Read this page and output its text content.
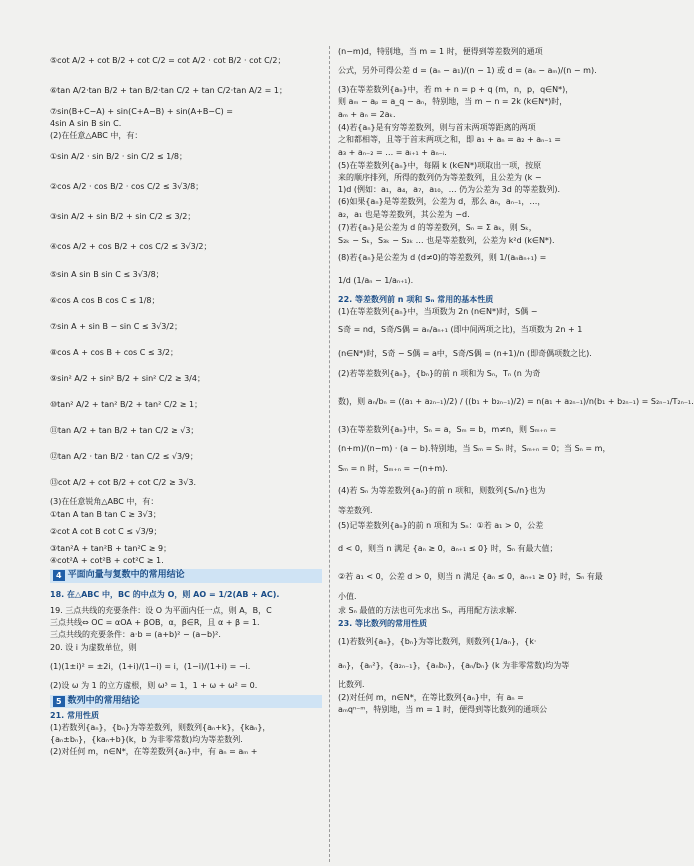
⑤cot A/2 + cot B/2 + cot C/2 = cot A/2 · cot B/2 · cot C/2；
⑥tan A/2·tan B/2 + tan B/2·tan C/2 + tan C/2·tan A/2 = 1；
⑦sin(B+C−A) + sin(C+A−B) + sin(A+B−C) =
4sin A sin B sin C.
(2)在任意△ABC 中，有：
①sin A/2 · sin B/2 · sin C/2 ≤ 1/8；
②cos A/2 · cos B/2 · cos C/2 ≤ 3√3/8；
③sin A/2 + sin B/2 + sin C/2 ≤ 3/2；
④cos A/2 + cos B/2 + cos C/2 ≤ 3√3/2；
⑤sin A sin B sin C ≤ 3√3/8；
⑥cos A cos B cos C ≤ 1/8；
⑦sin A + sin B − sin C ≤ 3√3/2；
⑧cos A + cos B + cos C ≤ 3/2；
⑨sin² A/2 + sin² B/2 + sin² C/2 ≥ 3/4；
⑩tan² A/2 + tan² B/2 + tan² C/2 ≥ 1；
⑪tan A/2 + tan B/2 + tan C/2 ≥ √3；
⑫tan A/2 · tan B/2 · tan C/2 ≤ √3/9；
⑬cot A/2 + cot B/2 + cot C/2 ≥ 3√3.
(3)在任意锐角△ABC 中，有：
①tan A tan B tan C ≥ 3√3；
②cot A cot B cot C ≤ √3/9；
③tan²A + tan²B + tan²C ≥ 9；
④cot²A + cot²B + cot²C ≥ 1.
4 平面向量与复数中的常用结论
18. 在△ABC 中，BC 的中点为 O，则 AO = 1/2(AB + AC).
19. 三点共线的充要条件：设 O 为平面内任一点，则 A，B，C
三点共线⇔ OC = αOA + βOB，α，β∈R，且 α + β = 1.
三点共线的充要条件：a·b = (a+b)² − (a−b)².
20. 设 i 为虚数单位，则
(1)(1±i)² = ±2i，(1+i)/(1−i) = i，(1−i)/(1+i) = −i.
(2)设 ω 为 1 的立方虚根，则 ω³ = 1，1 + ω + ω² = 0.
5 数列中的常用结论
21. 常用性质
(1)若数列{aₙ}，{bₙ}为等差数列，则数列{aₙ+k}，{kaₙ}，
{aₙ±bₙ}，{kaₙ+b}(k，b 为非零常数)均为等差数列.
(2)对任何 m，n∈N*，在等差数列{aₙ}中，有 aₙ = aₘ +
(n−m)d，特别地，当 m = 1 时，便得到等差数列的通项
公式，另外可得公差 d = (aₙ − a₁)/(n − 1) 或 d = (aₙ − aₘ)/(n − m).
(3)在等差数列{aₙ}中，若 m + n = p + q (m，n，p，q∈N*)，
则 aₘ − aₚ = a_q − aₙ，特别地，当 m − n = 2k (k∈N*)时，
aₘ + aₙ = 2aₖ.
(4)若{aₙ}是有穷等差数列，则与首末两项等距离的两项
之和都相等，且等于首末两项之和，即 a₁ + aₙ = a₂ + aₙ₋₁ =
a₃ + aₙ₋₂ = … = aᵢ₊₁ + aₙ₋ᵢ.
(5)在等差数列{aₙ}中，每隔 k (k∈N*)项取出一项，按原
来的顺序排列，所得的数列仍为等差数列，且公差为 (k −
1)d (例如：a₁，a₄，a₇，a₁₀，… 仍为公差为 3d 的等差数列).
(6)如果{aₙ}是等差数列，公差为 d，那么 aₙ，aₙ₋₁，…，
a₂，a₁ 也是等差数列，其公差为 −d.
(7)若{aₙ}是公差为 d 的等差数列，Sₙ = Σ aₖ，则 Sₖ，
S₂ₖ − Sₖ，S₃ₖ − S₂ₖ … 也是等差数列，公差为 k²d (k∈N*).
(8)若{aₙ}是公差为 d (d≠0)的等差数列，则 1/(aₙaₙ₊₁) =
1/d (1/aₙ − 1/aₙ₊₁).
22. 等差数列前 n 项和 Sₙ 常用的基本性质
(1)在等差数列{aₙ}中，当项数为 2n (n∈N*)时，S偶 −
S奇 = nd，S奇/S偶 = aₙ/aₙ₊₁ (即中间两项之比)，当项数为 2n + 1
(n∈N*)时，S奇 − S偶 = a中，S奇/S偶 = (n+1)/n (即奇偶项数之比).
(2)若等差数列{aₙ}，{bₙ}的前 n 项和为 Sₙ，Tₙ (n 为奇
数)，则 aₙ/bₙ = ((a₁ + a₂ₙ₋₁)/2) / ((b₁ + b₂ₙ₋₁)/2) = n(a₁ + a₂ₙ₋₁)/n(b₁ + b₂ₙ₋₁) = S₂ₙ₋₁/T₂ₙ₋₁.
(3)在等差数列{aₙ}中，Sₙ = a，Sₘ = b，m≠n，则 Sₘ₊ₙ =
(n+m)/(n−m) · (a − b).特别地，当 Sₘ = Sₙ 时，Sₘ₊ₙ = 0；当 Sₙ = m，
Sₘ = n 时，Sₘ₊ₙ = −(n+m).
(4)若 Sₙ 为等差数列{aₙ}的前 n 项和，则数列{Sₙ/n}也为
等差数列.
(5)记等差数列{aₙ}的前 n 项和为 Sₙ：①若 a₁ > 0，公差
d < 0，则当 n 满足 {aₙ ≥ 0，aₙ₊₁ ≤ 0} 时，Sₙ 有最大值；
②若 a₁ < 0，公差 d > 0，则当 n 满足 {aₙ ≤ 0，aₙ₊₁ ≥ 0} 时，Sₙ 有最
小值.
求 Sₙ 最值的方法也可先求出 Sₙ，再用配方法求解.
23. 等比数列的常用性质
(1)若数列{aₙ}，{bₙ}为等比数列，则数列{1/aₙ}，{k·
aₙ}，{aₙ²}，{a₂ₙ₋₁}，{aₙbₙ}，{aₙ/bₙ} (k 为非零常数)均为等
比数列.
(2)对任何 m，n∈N*，在等比数列{aₙ}中，有 aₙ =
aₘqⁿ⁻ᵐ，特别地，当 m = 1 时，便得到等比数列的通项公
